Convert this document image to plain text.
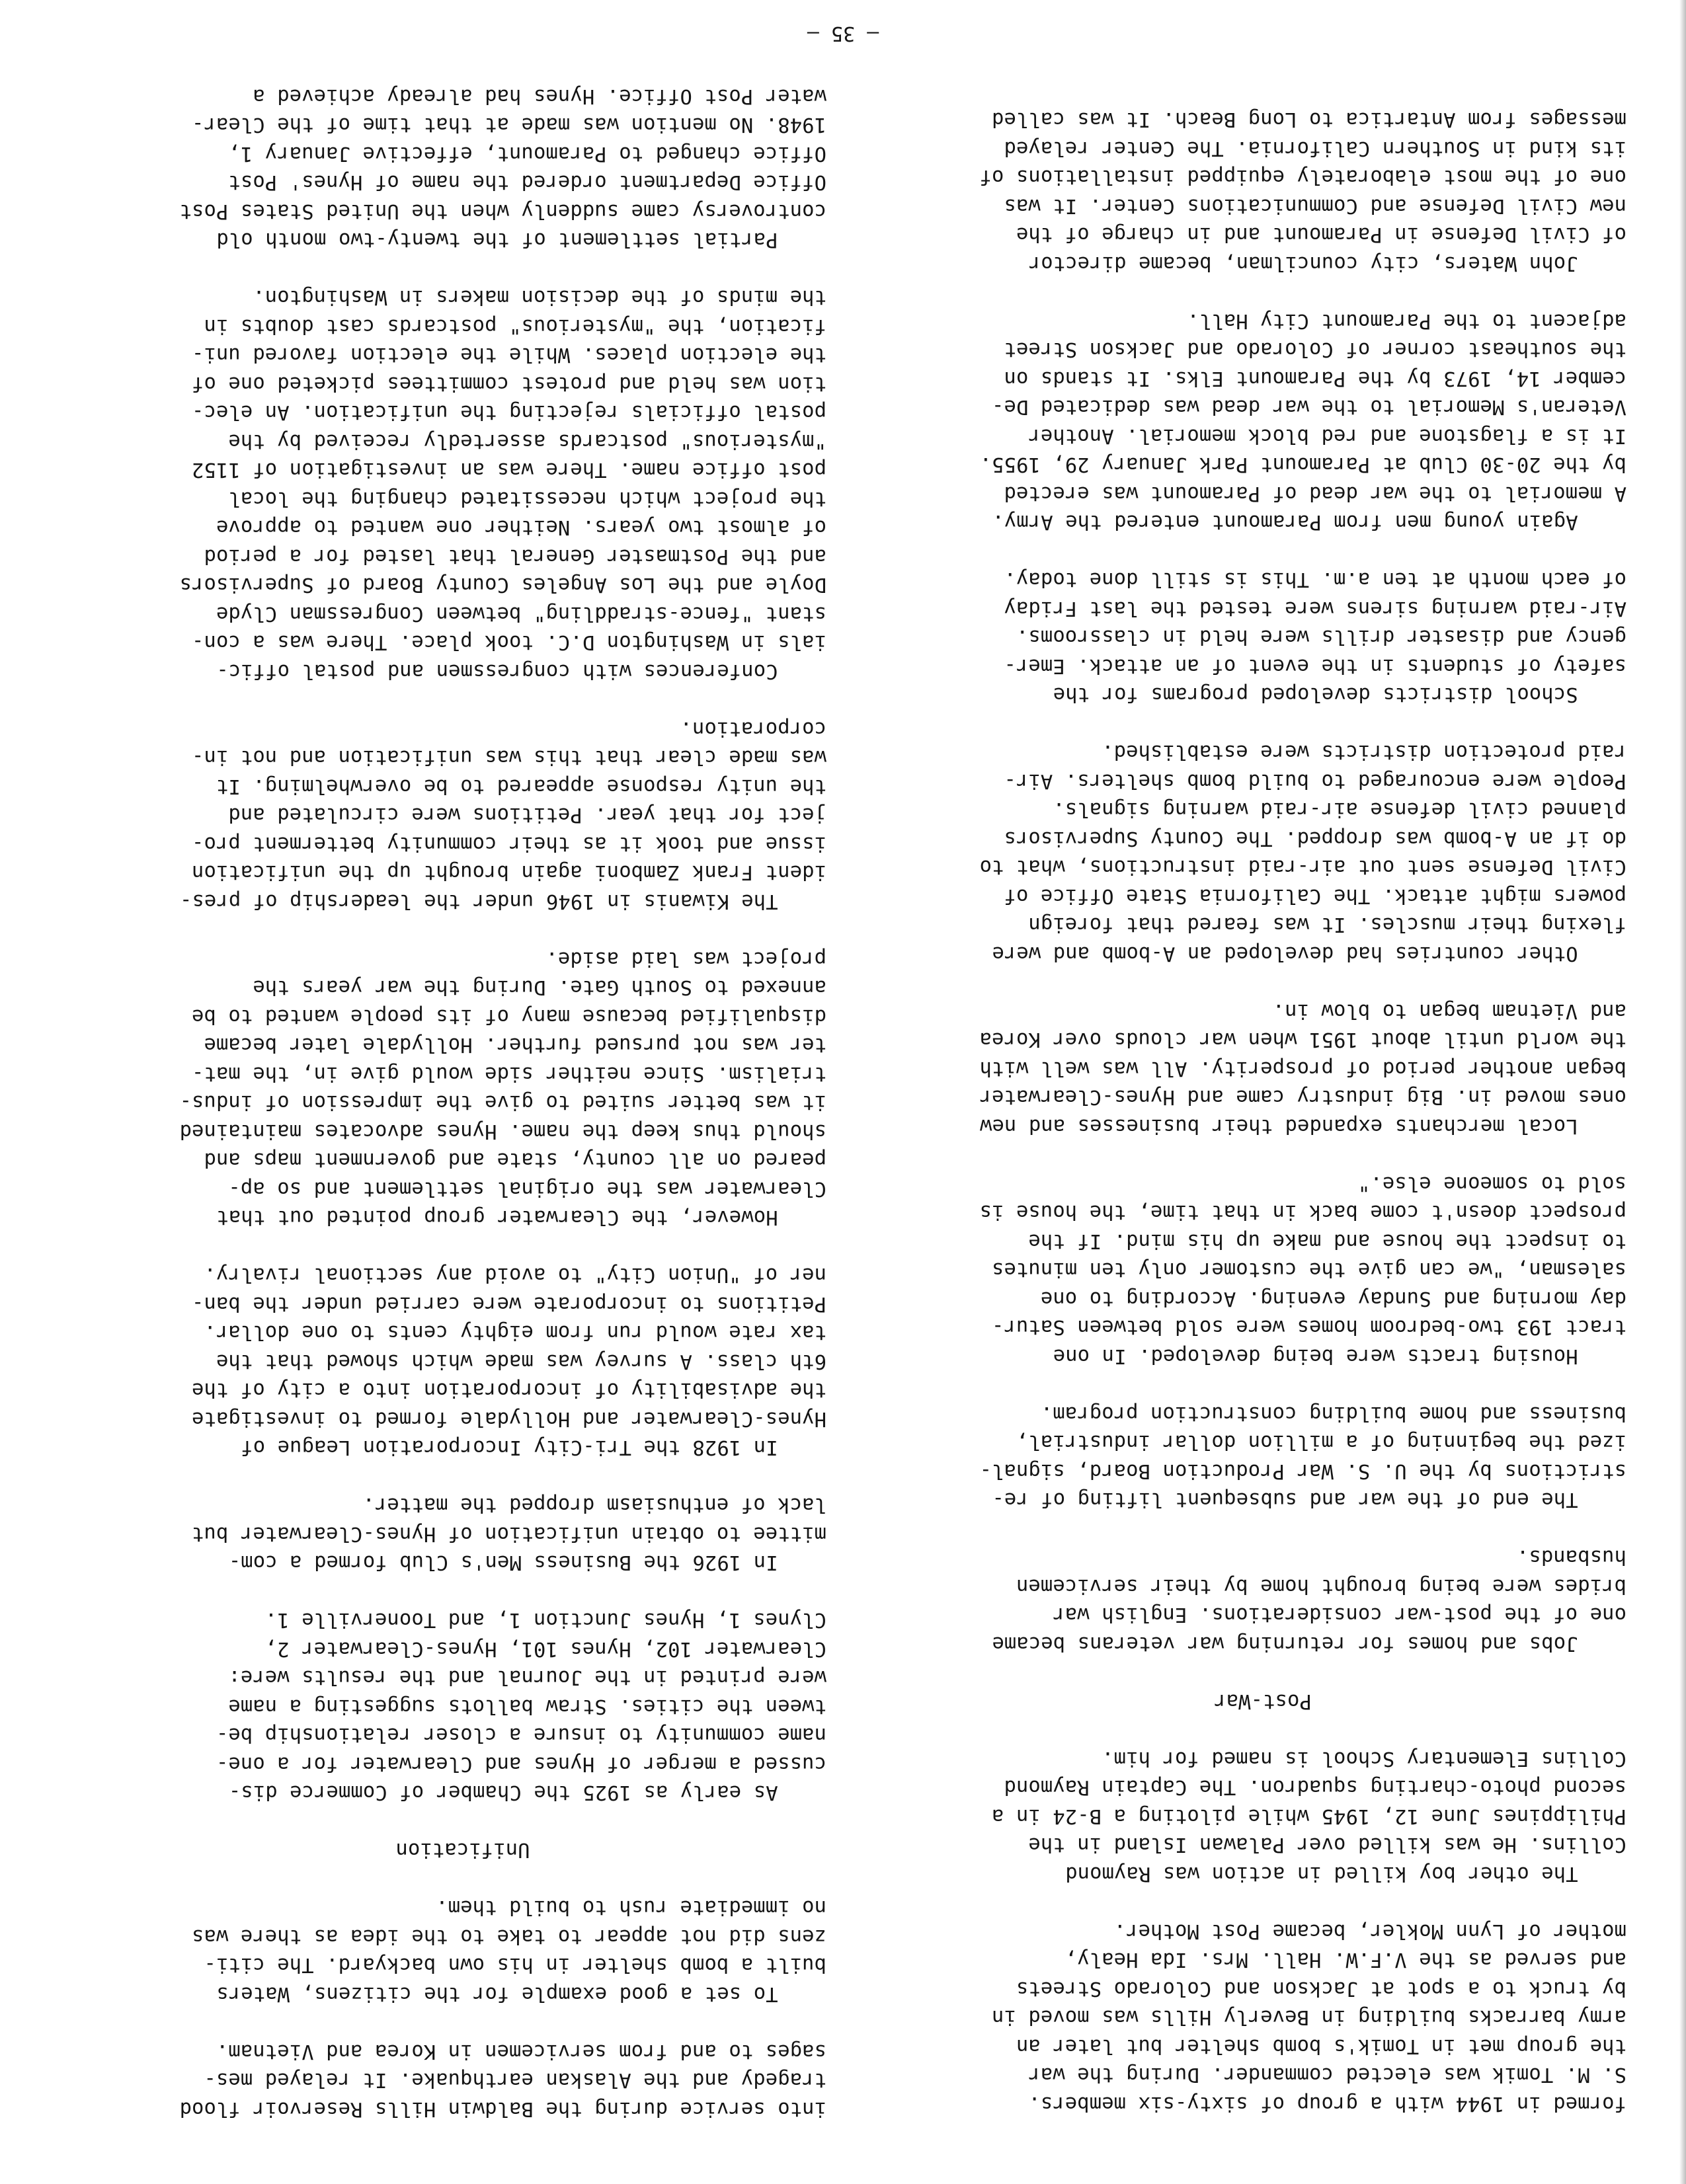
formed in 1944 with a group of sixty-six members.
S. M. Tomik was elected commander. During the war
the group met in Tomik's bomb shelter but later an
army barracks building in Beverly Hills was moved in
by truck to a spot at Jackson and Colorado Streets
and served as the V.F.W. Hall. Mrs. Ida Healy,
mother of Lynn Mokler, became Post Mother.
The other boy killed in action was Raymond
Collins. He was killed over Palawan Island in the
Philippines June 12, 1945 while piloting a B-24 in a
second photo-charting squadron. The Captain Raymond
Collins Elementary School is named for him.
Post-War
Jobs and homes for returning war veterans became
one of the post-war considerations. English war
brides were being brought home by their servicemen
husbands.
The end of the war and subsequent lifting of re-
strictions by the U. S. War Production Board, signal-
ized the beginning of a million dollar industrial,
business and home building construction program.
Housing tracts were being developed. In one
tract 193 two-bedroom homes were sold between Satur-
day morning and Sunday evening. According to one
salesman, "we can give the customer only ten minutes
to inspect the house and make up his mind. If the
prospect doesn't come back in that time, the house is
sold to someone else."
Local merchants expanded their businesses and new
ones moved in. Big industry came and Hynes-Clearwater
began another period of prosperity. All was well with
the world until about 1951 when war clouds over Korea
and Vietnam began to blow in.
Other countries had developed an A-bomb and were
flexing their muscles. It was feared that foreign
powers might attack. The California State Office of
Civil Defense sent out air-raid instructions, what to
do if an A-bomb was dropped. The County Supervisors
planned civil defense air-raid warning signals.
People were encouraged to build bomb shelters. Air-
raid protection districts were established.
School districts developed programs for the
safety of students in the event of an attack. Emer-
gency and disaster drills were held in classrooms.
Air-raid warning sirens were tested the last Friday
of each month at ten a.m. This is still done today.
Again young men from Paramount entered the Army.
A memorial to the war dead of Paramount was erected
by the 20-30 Club at Paramount Park January 29, 1955.
It is a flagstone and red block memorial. Another
Veteran's Memorial to the war dead was dedicated De-
cember 14, 1973 by the Paramount Elks. It stands on
the southeast corner of Colorado and Jackson Street
adjacent to the Paramount City Hall.
John Waters, city councilman, became director
of Civil Defense in Paramount and in charge of the
new Civil Defense and Communications Center. It was
one of the most elaborately equipped installations of
its kind in Southern California. The Center relayed
messages from Antartica to Long Beach. It was called
into service during the Baldwin Hills Reservoir flood
tragedy and the Alaskan earthquake. It relayed mes-
sages to and from servicemen in Korea and Vietnam.
To set a good example for the citizens, Waters
built a bomb shelter in his own backyard. The citi-
zens did not appear to take to the idea as there was
no immediate rush to build them.
Unification
As early as 1925 the Chamber of Commerce dis-
cussed a merger of Hynes and Clearwater for a one-
name community to insure a closer relationship be-
tween the cities. Straw ballots suggesting a name
were printed in the Journal and the results were:
Clearwater 102, Hynes 101, Hynes-Clearwater 2,
Clynes 1, Hynes Junction 1, and Toonerville 1.
In 1926 the Business Men's Club formed a com-
mittee to obtain unification of Hynes-Clearwater but
lack of enthusiasm dropped the matter.
In 1928 the Tri-City Incorporation League of
Hynes-Clearwater and Hollydale formed to investigate
the advisability of incorporation into a city of the
6th class. A survey was made which showed that the
tax rate would run from eighty cents to one dollar.
Petitions to incorporate were carried under the ban-
ner of "Union City" to avoid any sectional rivalry.
However, the Clearwater group pointed out that
Clearwater was the original settlement and so ap-
peared on all county, state and government maps and
should thus keep the name. Hynes advocates maintained
it was better suited to give the impression of indus-
trialism. Since neither side would give in, the mat-
ter was not pursued further. Hollydale later became
disqualified because many of its people wanted to be
annexed to South Gate. During the war years the
project was laid aside.
The Kiwanis in 1946 under the leadership of pres-
ident Frank Zamboni again brought up the unification
issue and took it as their community betterment pro-
ject for that year. Petitions were circulated and
the unity response appeared to be overwhelming. It
was made clear that this was unification and not in-
corporation.
Conferences with congressmen and postal offic-
ials in Washington D.C. took place. There was a con-
stant "fence-straddling" between Congressman Clyde
Doyle and the Los Angeles County Board of Supervisors
and the Postmaster General that lasted for a period
of almost two years. Neither one wanted to approve
the project which necessitated changing the local
post office name. There was an investigation of 1152
"mysterious" postcards assertedly received by the
postal officials rejecting the unification. An elec-
tion was held and protest committees picketed one of
the election places. While the election favored uni-
fication, the "mysterious" postcards cast doubts in
the minds of the decision makers in Washington.
Partial settlement of the twenty-two month old
controversy came suddenly when the United States Post
Office Department ordered the name of Hynes' Post
Office changed to Paramount, effective January 1,
1948. No mention was made at that time of the Clear-
water Post Office. Hynes had already achieved a
— 35 —
